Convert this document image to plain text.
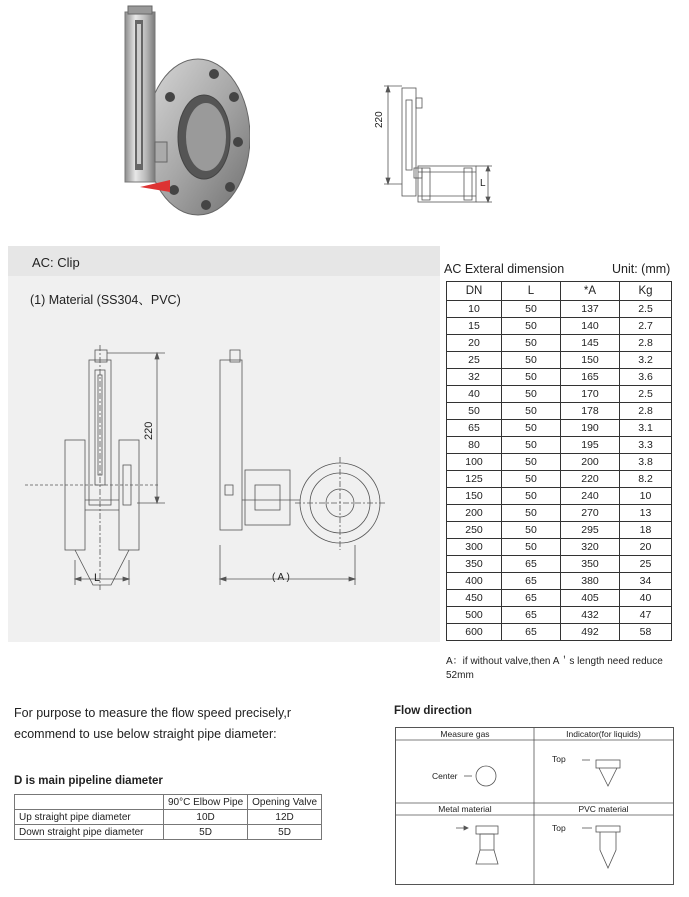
220
L
AC: Clip
(1) Material (SS304、PVC)
220
L	( A )
AC Exteral dimension	Unit: (mm)
DN	L	*A	Kg
10	50	137	2.5
15	50	140	2.7
20	50	145	2.8
25	50	150	3.2
32	50	165	3.6
40	50	170	2.5
50	50	178	2.8
65	50	190	3.1
80	50	195	3.3
100	50	200	3.8
125	50	220	8.2
150	50	240	10
200	50	270	13
250	50	295	18
300	50	320	20
350	65	350	25
400	65	380	34
450	65	405	40
500	65	432	47
600	65	492	58
A：if without valve,then A＇s length need reduce 52mm
For purpose to measure the flow speed precisely,r
ecommend to use below straight pipe diameter:
D is main pipeline diameter
	90°C Elbow Pipe	Opening Valve
Up straight pipe diameter	10D	12D
Down straight pipe diameter	5D	5D
Flow direction
Measure gas	Indicator(for liquids)
Metal material	PVC material
Center
Top
Top
